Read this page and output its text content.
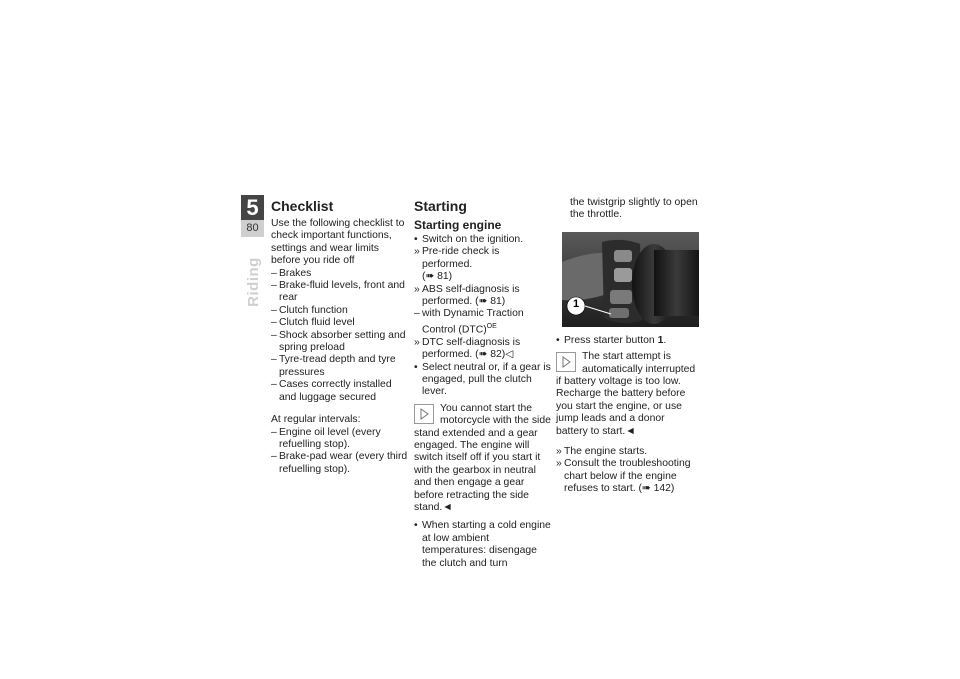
5
80
Riding
Checklist

Use the following checklist to check important functions, settings and wear limits before you ride off

– Brakes
– Brake-fluid levels, front and rear
– Clutch function
– Clutch fluid level
– Shock absorber setting and spring preload
– Tyre-tread depth and tyre pressures
– Cases correctly installed and luggage secured

At regular intervals:

– Engine oil level (every refuelling stop).
– Brake-pad wear (every third refuelling stop).
Starting
Starting engine
• Switch on the ignition.
» Pre-ride check is performed.
(➠ 81)
» ABS self-diagnosis is performed. (➠ 81)
– with Dynamic Traction Control (DTC)$^{OE}$
» DTC self-diagnosis is performed. (➠ 82)◁
• Select neutral or, if a gear is engaged, pull the clutch lever.
You cannot start the motorcycle with the side stand extended and a gear engaged. The engine will switch itself off if you start it with the gearbox in neutral and then engage a gear before retracting the side stand.◄
• When starting a cold engine at low ambient temperatures: disengage the clutch and turn

the twistgrip slightly to open the throttle.

1
• Press starter button 1.
The start attempt is automatically interrupted if battery voltage is too low. Recharge the battery before you start the engine, or use jump leads and a donor battery to start.◄
» The engine starts.
» Consult the troubleshooting chart below if the engine refuses to start. (➠ 142)
